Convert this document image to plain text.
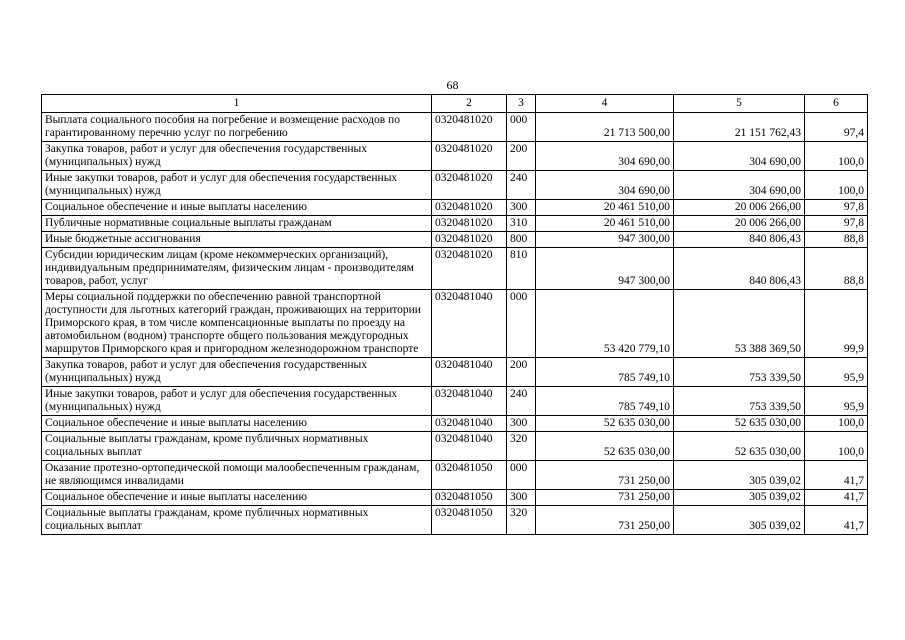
68
1	2	3	4	5	6
Выплата социального пособия на погребение и возмещение расходов по гарантированному перечню услуг по погребению	0320481020	000	21 713 500,00	21 151 762,43	97,4
Закупка товаров, работ и услуг для обеспечения государственных (муниципальных) нужд	0320481020	200	304 690,00	304 690,00	100,0
Иные закупки товаров, работ и услуг для обеспечения государственных (муниципальных) нужд	0320481020	240	304 690,00	304 690,00	100,0
Социальное обеспечение и иные выплаты населению	0320481020	300	20 461 510,00	20 006 266,00	97,8
Публичные нормативные социальные выплаты гражданам	0320481020	310	20 461 510,00	20 006 266,00	97,8
Иные бюджетные ассигнования	0320481020	800	947 300,00	840 806,43	88,8
Субсидии юридическим лицам (кроме некоммерческих организаций), индивидуальным предпринимателям, физическим лицам - производителям товаров, работ, услуг	0320481020	810	947 300,00	840 806,43	88,8
Меры социальной поддержки по обеспечению равной транспортной доступности для льготных категорий граждан, проживающих на территории Приморского края, в том числе компенсационные выплаты по проезду на автомобильном (водном) транспорте общего пользования междугородных маршрутов Приморского края и пригородном железнодорожном транспорте	0320481040	000	53 420 779,10	53 388 369,50	99,9
Закупка товаров, работ и услуг для обеспечения государственных (муниципальных) нужд	0320481040	200	785 749,10	753 339,50	95,9
Иные закупки товаров, работ и услуг для обеспечения государственных (муниципальных) нужд	0320481040	240	785 749,10	753 339,50	95,9
Социальное обеспечение и иные выплаты населению	0320481040	300	52 635 030,00	52 635 030,00	100,0
Социальные выплаты гражданам, кроме публичных нормативных социальных выплат	0320481040	320	52 635 030,00	52 635 030,00	100,0
Оказание протезно-ортопедической помощи малообеспеченным гражданам, не являющимся инвалидами	0320481050	000	731 250,00	305 039,02	41,7
Социальное обеспечение и иные выплаты населению	0320481050	300	731 250,00	305 039,02	41,7
Социальные выплаты гражданам, кроме публичных нормативных социальных выплат	0320481050	320	731 250,00	305 039,02	41,7
